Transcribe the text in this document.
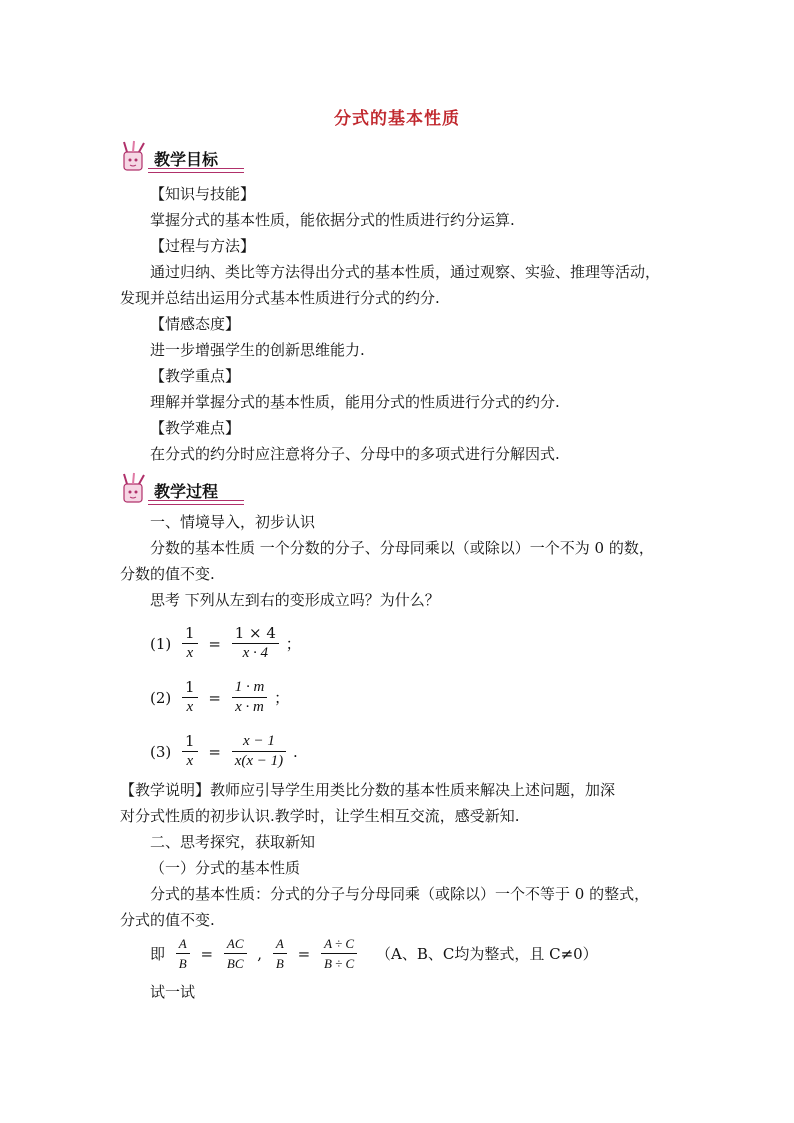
分式的基本性质
教学目标
【知识与技能】
掌握分式的基本性质，能依据分式的性质进行约分运算.
【过程与方法】
通过归纳、类比等方法得出分式的基本性质，通过观察、实验、推理等活动，
发现并总结出运用分式基本性质进行分式的约分.
【情感态度】
进一步增强学生的创新思维能力.
【教学重点】
理解并掌握分式的基本性质，能用分式的性质进行分式的约分.
【教学难点】
在分式的约分时应注意将分子、分母中的多项式进行分解因式.
教学过程
一、情境导入，初步认识
分数的基本性质 一个分数的分子、分母同乘以（或除以）一个不为 0 的数，
分数的值不变.
思考 下列从左到右的变形成立吗？为什么？
$(1) \frac{1}{x} = \frac{1 \times 4}{x \cdot 4}$ ；
$(2) \frac{1}{x} = \frac{1 \cdot m}{x \cdot m}$ ；
$(3) \frac{1}{x} = \frac{x - 1}{x(x - 1)}$ .
【教学说明】教师应引导学生用类比分数的基本性质来解决上述问题，加深
对分式性质的初步认识.教学时，让学生相互交流，感受新知.
二、思考探究，获取新知
（一）分式的基本性质
分式的基本性质：分式的分子与分母同乘（或除以）一个不等于 0 的整式，
分式的值不变.
即 $\frac{A}{B} = \frac{AC}{BC}$ , $\frac{A}{B} = \frac{A \div C}{B \div C} (A$、B、C均为整式，且 C≠0）
试一试
